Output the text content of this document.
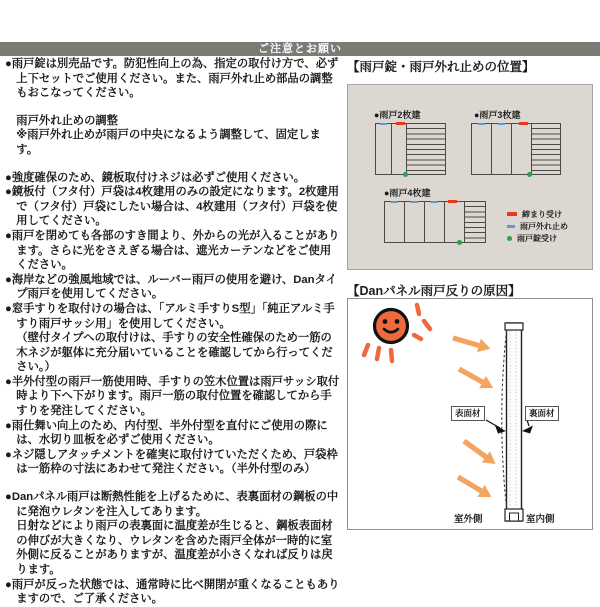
ご注意とお願い

●雨戸錠は別売品です。防犯性向上の為、指定の取付け方で、必ず上下セットでご使用ください。また、雨戸外れ止め部品の調整もおこなってください。

雨戸外れ止めの調整

※雨戸外れ止めが雨戸の中央になるよう調整して、固定します。

●強度確保のため、鏡板取付けネジは必ずご使用ください。

●鏡板付（フタ付）戸袋は4枚建用のみの設定になります。2枚建用で（フタ付）戸袋にしたい場合は、4枚建用（フタ付）戸袋を使用してください。

●雨戸を閉めても各部のすき間より、外からの光が入ることがあります。さらに光をさえぎる場合は、遮光カーテンなどをご使用ください。

●海岸などの強風地域では、ルーバー雨戸の使用を避け、Danタイプ雨戸を使用してください。

●窓手すりを取付けの場合は、「アルミ手すりS型」「純正アルミ手すり雨戸サッシ用」を使用してください。

（壁付タイプへの取付けは、手すりの安全性確保のため一筋の木ネジが躯体に充分届いていることを確認してから行ってください。）

●半外付型の雨戸一筋使用時、手すりの笠木位置は雨戸サッシ取付時より下へ下がります。雨戸一筋の取付位置を確認してから手すりを発注してください。

●雨仕舞い向上のため、内付型、半外付型を直付にご使用の際には、水切り皿板を必ずご使用ください。

●ネジ隠しアタッチメントを確実に取付けていただくため、戸袋枠は一筋枠の寸法にあわせて発注ください。（半外付型のみ）

●Danパネル雨戸は断熱性能を上げるために、表裏面材の鋼板の中に発泡ウレタンを注入してあります。

日射などにより雨戸の表裏面に温度差が生じると、鋼板表面材の伸びが大きくなり、ウレタンを含めた雨戸全体が一時的に室外側に反ることがありますが、温度差が小さくなれば反りは戻ります。

●雨戸が反った状態では、通常時に比べ開閉が重くなることもありますので、ご了承ください。

【雨戸錠・雨戸外れ止めの位置】
●雨戸2枚建	●雨戸3枚建
●雨戸4枚建
締まり受け
雨戸外れ止め
雨戸錠受け
【Danパネル雨戸反りの原因】
表面材	裏面材
室外側	室内側
